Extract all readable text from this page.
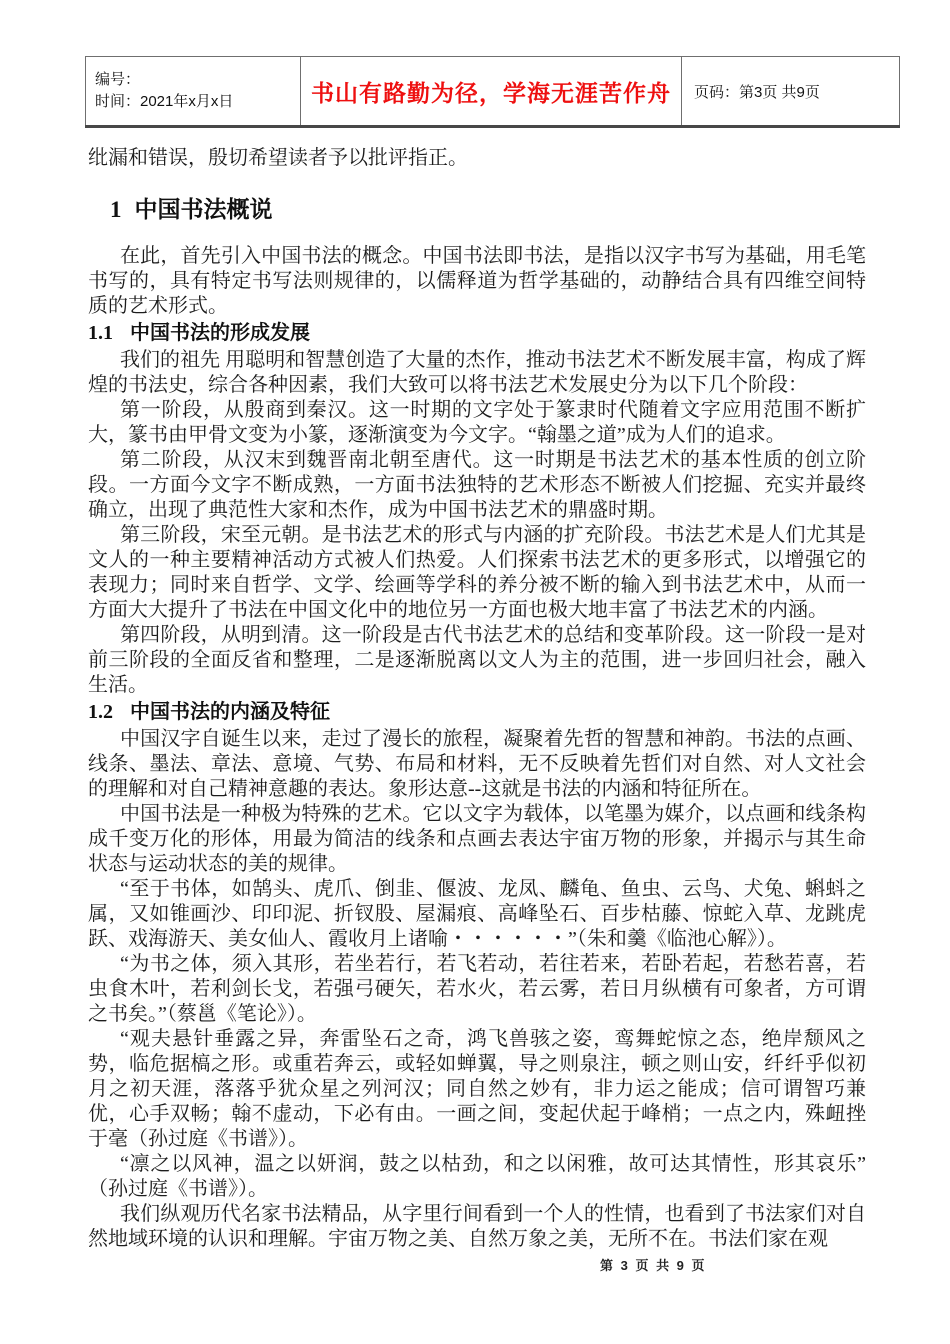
编号：
时间：2021年x月x日	书山有路勤为径，学海无涯苦作舟	页码：第3页 共9页

纰漏和错误，殷切希望读者予以批评指正。

1 中国书法概说

在此，首先引入中国书法的概念。中国书法即书法，是指以汉字书写为基础，用毛笔书写的，具有特定书写法则规律的，以儒释道为哲学基础的，动静结合具有四维空间特质的艺术形式。

1.1 中国书法的形成发展

我们的祖先 用聪明和智慧创造了大量的杰作，推动书法艺术不断发展丰富，构成了辉煌的书法史，综合各种因素，我们大致可以将书法艺术发展史分为以下几个阶段：

第一阶段，从殷商到秦汉。这一时期的文字处于篆隶时代随着文字应用范围不断扩大，篆书由甲骨文变为小篆，逐渐演变为今文字。“翰墨之道”成为人们的追求。

第二阶段，从汉末到魏晋南北朝至唐代。这一时期是书法艺术的基本性质的创立阶段。一方面今文字不断成熟，一方面书法独特的艺术形态不断被人们挖掘、充实并最终确立，出现了典范性大家和杰作，成为中国书法艺术的鼎盛时期。

第三阶段，宋至元朝。是书法艺术的形式与内涵的扩充阶段。书法艺术是人们尤其是文人的一种主要精神活动方式被人们热爱。人们探索书法艺术的更多形式，以增强它的表现力；同时来自哲学、文学、绘画等学科的养分被不断的输入到书法艺术中，从而一方面大大提升了书法在中国文化中的地位另一方面也极大地丰富了书法艺术的内涵。

第四阶段，从明到清。这一阶段是古代书法艺术的总结和变革阶段。这一阶段一是对前三阶段的全面反省和整理，二是逐渐脱离以文人为主的范围，进一步回归社会，融入生活。

1.2 中国书法的内涵及特征

中国汉字自诞生以来，走过了漫长的旅程，凝聚着先哲的智慧和神韵。书法的点画、线条、墨法、章法、意境、气势、布局和材料，无不反映着先哲们对自然、对人文社会的理解和对自己精神意趣的表达。象形达意--这就是书法的内涵和特征所在。

中国书法是一种极为特殊的艺术。它以文字为载体，以笔墨为媒介，以点画和线条构成千变万化的形体，用最为简洁的线条和点画去表达宇宙万物的形象，并揭示与其生命状态与运动状态的美的规律。

“至于书体，如鹄头、虎爪、倒韭、偃波、龙凤、麟龟、鱼虫、云鸟、犬兔、蝌蚪之属，又如锥画沙、印印泥、折钗股、屋漏痕、高峰坠石、百步枯藤、惊蛇入草、龙跳虎跃、戏海游天、美女仙人、霞收月上诸喻・・・・・・”（朱和羹《临池心解》）。

“为书之体，须入其形，若坐若行，若飞若动，若往若来，若卧若起，若愁若喜，若虫食木叶，若利剑长戈，若强弓硬矢，若水火，若云雾，若日月纵横有可象者，方可谓之书矣。”（蔡邕《笔论》）。

“观夫悬针垂露之异，奔雷坠石之奇，鸿飞兽骇之姿，鸾舞蛇惊之态，绝岸颓风之势，临危据槁之形。或重若奔云，或轻如蝉翼，导之则泉注，顿之则山安，纤纤乎似初月之初天涯，落落乎犹众星之列河汉；同自然之妙有，非力运之能成；信可谓智巧兼优，心手双畅；翰不虚动，下必有由。一画之间，变起伏起于峰梢；一点之内，殊衄挫于毫（孙过庭《书谱》）。

“凛之以风神，温之以妍润，鼓之以枯劲，和之以闲雅，故可达其情性，形其哀乐”（孙过庭《书谱》）。

我们纵观历代名家书法精品，从字里行间看到一个人的性情，也看到了书法家们对自然地域环境的认识和理解。宇宙万物之美、自然万象之美，无所不在。书法们家在观

第 3 页 共 9 页
